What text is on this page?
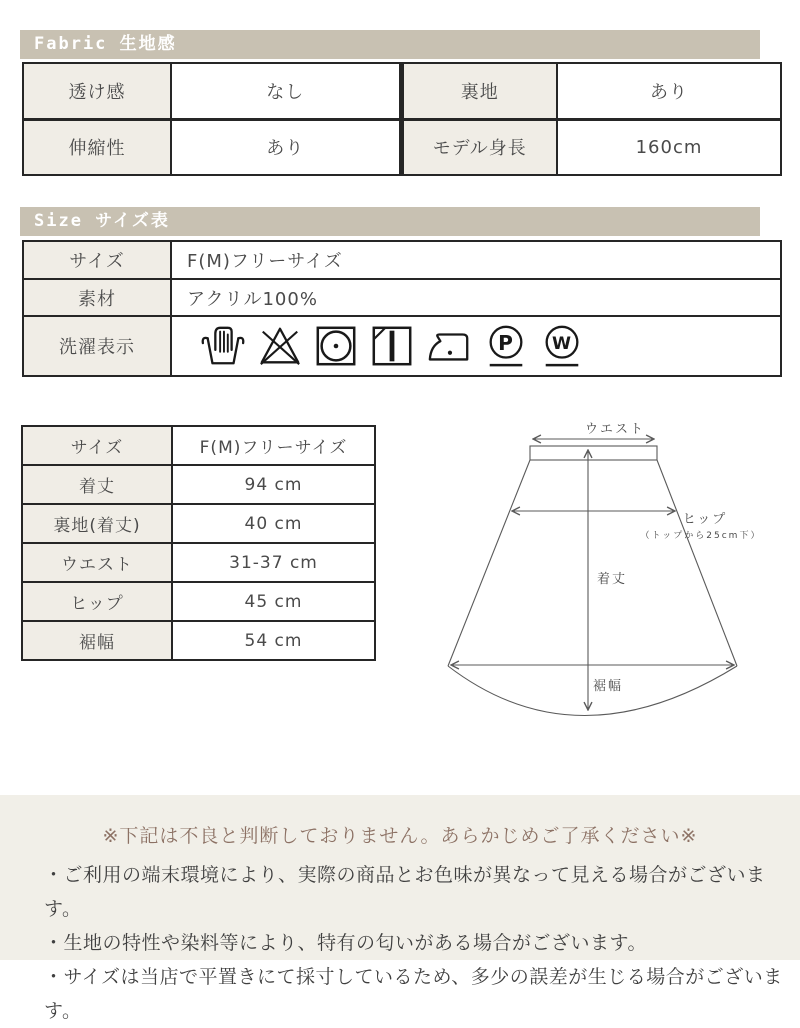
Fabric 生地感
透け感	なし	裏地	あり
伸縮性	あり	モデル身長	160cm
Size サイズ表
サイズ	F(M)フリーサイズ
素材	アクリル100%
洗濯表示	P W
サイズ	F(M)フリーサイズ
着丈	94 cm
裏地(着丈)	40 cm
ウエスト	31-37 cm
ヒップ	45 cm
裾幅	54 cm
ウエスト
ヒップ
（トップから25cm下）
着丈
裾幅
※下記は不良と判断しておりません。あらかじめご了承ください※
・ご利用の端末環境により、実際の商品とお色味が異なって見える場合がございます。
・生地の特性や染料等により、特有の匂いがある場合がございます。
・サイズは当店で平置きにて採寸しているため、多少の誤差が生じる場合がございます。
